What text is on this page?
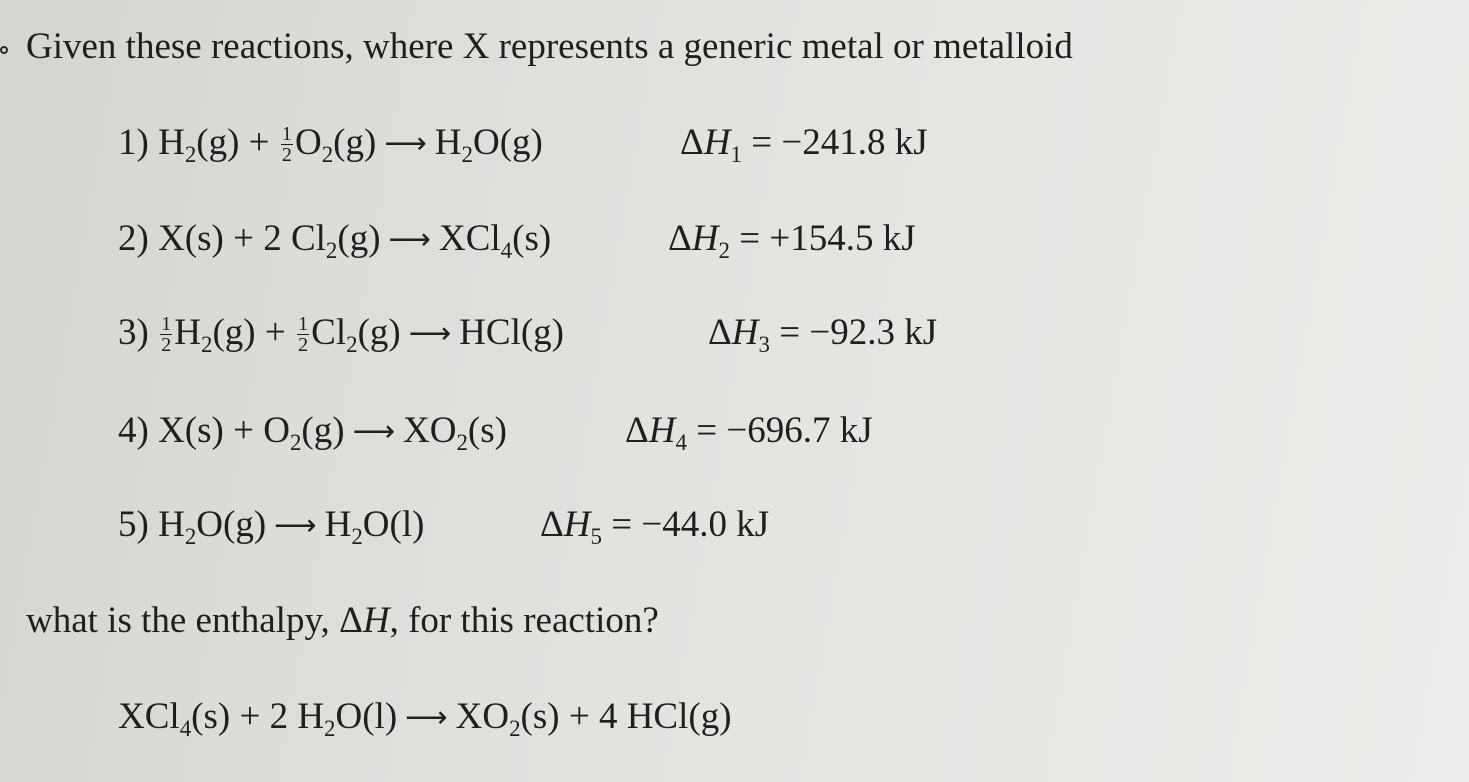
Given these reactions, where X represents a generic metal or metalloid
1) $H_2(g) + \frac{1}{2} O_2(g)$ ⟶ $H_2O(g)$	$\Delta H_1 = -241.8$ kJ
2) X(s) + 2 $Cl_2(g)$ ⟶ XCl$_4$(s)	$\Delta H_2 = +154.5$ kJ
$3) \frac{1}{2} H_2(g) + \frac{1}{2} Cl_2(g)$ ⟶ HCl(g)	$\Delta H_3 = -92.3$ kJ
4) $X(s) + O_2(g)$ ⟶ $XO_2(s)$	$\Delta H_4 = -696.7$ kJ
5) $H_2O(g)$ ⟶ $H_2O(l)$	$\Delta H_5 = -44.0$ kJ
what is the enthalpy, ΔH, for this reaction?
XCl$_4$(s) + 2 $H_2O(l)$ ⟶ $XO_2(s) + 4$ HCl(g)
